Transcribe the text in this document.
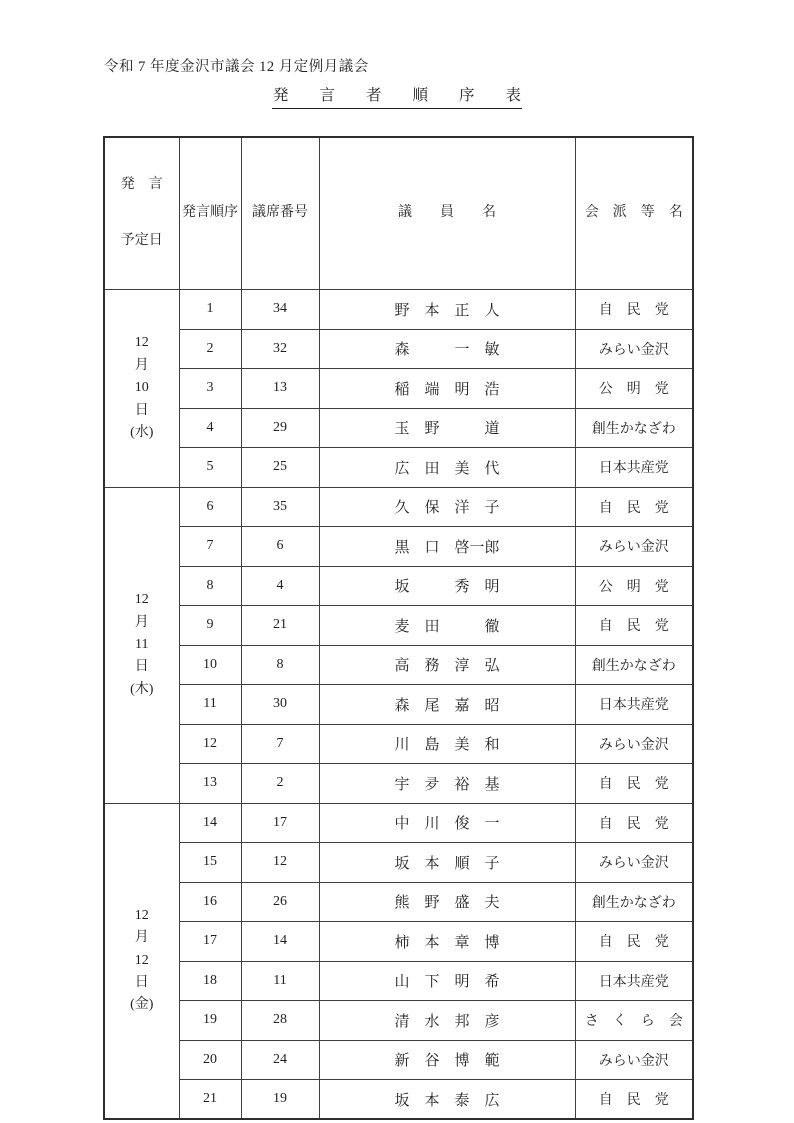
令和 7 年度金沢市議会 12 月定例月議会
発　　言　　者　　順　　序　　表

発　言

予定日	発言順序	議席番号	議　　員　　名	会　派　等　名

12
月
10
日
(水)	1	34	野　本　正　人	自　民　党
	2	32	森　　　一　敏	みらい金沢
	3	13	稲　端　明　浩	公　明　党
	4	29	玉　野　　　道	創生かなざわ
	5	25	広　田　美　代	日本共産党

12
月
11
日
(木)	6	35	久　保　洋　子	自　民　党
	7	6	黒　口　啓一郎	みらい金沢
	8	4	坂　　　秀　明	公　明　党
	9	21	麦　田　　　徹	自　民　党
	10	8	高　務　淳　弘	創生かなざわ
	11	30	森　尾　嘉　昭	日本共産党
	12	7	川　島　美　和	みらい金沢
	13	2	宇　夛　裕　基	自　民　党

12
月
12
日
(金)	14	17	中　川　俊　一	自　民　党
	15	12	坂　本　順　子	みらい金沢
	16	26	熊　野　盛　夫	創生かなざわ
	17	14	柿　本　章　博	自　民　党
	18	11	山　下　明　希	日本共産党
	19	28	清　水　邦　彦	さ　く　ら　会
	20	24	新　谷　博　範	みらい金沢
	21	19	坂　本　泰　広	自　民　党
